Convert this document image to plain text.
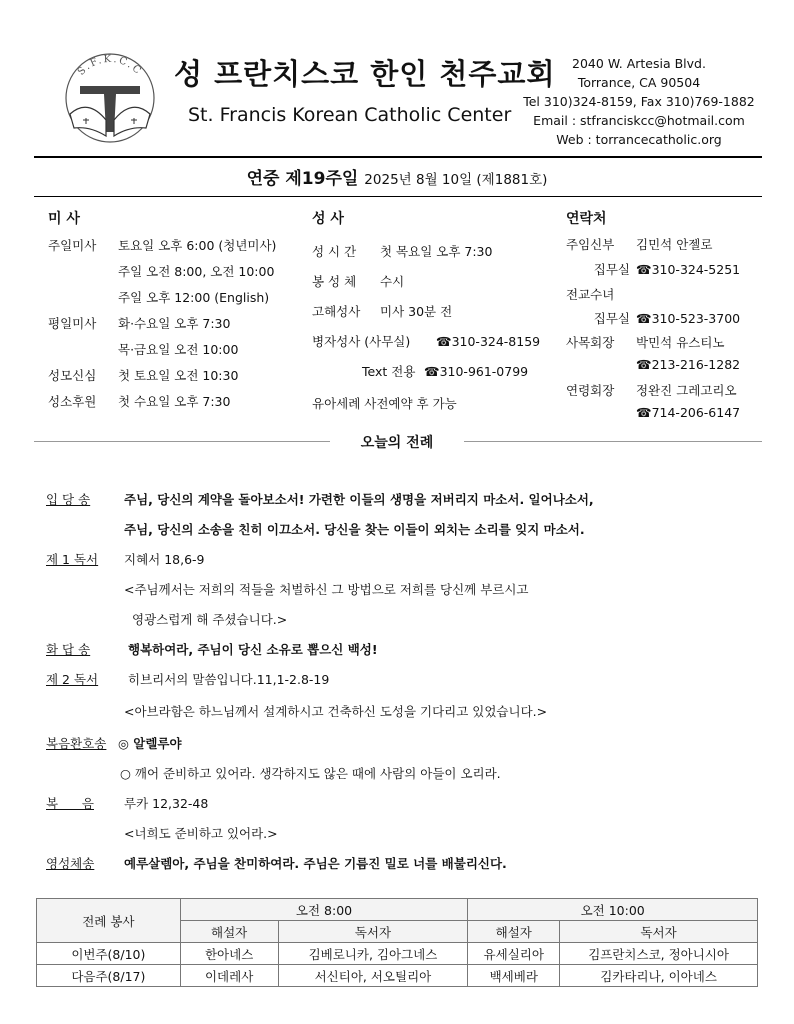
S.F.K.C.C 성 프란치스코 한인 천주교회
St. Francis Korean Catholic Center
2040 W. Artesia Blvd.
Torrance, CA 90504
Tel 310)324-8159, Fax 310)769-1882
Email : stfranciskcc@hotmail.com
Web : torrancecatholic.org
연중 제19주일 2025년 8월 10일 (제1881호)
미 사
주일미사 토요일 오후 6:00 (청년미사)
주일 오전 8:00, 오전 10:00
주일 오후 12:00 (English)
평일미사 화·수요일 오후 7:30
목·금요일 오전 10:00
성모신심 첫 토요일 오전 10:30
성소후원 첫 수요일 오후 7:30
성 사
성 시 간 첫 목요일 오후 7:30
봉 성 체 수시
고해성사 미사 30분 전
병자성사 (사무실) ☎310-324-8159
Text 전용 ☎310-961-0799
유아세례 사전예약 후 가능
연락처
주임신부 김민석 안젤로
집무실 ☎310-324-5251
전교수녀
집무실 ☎310-523-3700
사목회장 박민석 유스티노
☎213-216-1282
연령회장 정완진 그레고리오
☎714-206-6147
오늘의 전례
입 당 송	주님, 당신의 계약을 돌아보소서! 가련한 이들의 생명을 저버리지 마소서. 일어나소서,
주님, 당신의 소송을 친히 이끄소서. 당신을 찾는 이들이 외치는 소리를 잊지 마소서.
제 1 독서 지혜서 18,6-9
<주님께서는 저희의 적들을 처벌하신 그 방법으로 저희를 당신께 부르시고
영광스럽게 해 주셨습니다.>
화 답 송	행복하여라, 주님이 당신 소유로 뽑으신 백성!
제 2 독서 히브리서의 말씀입니다.11,1-2.8-19
<아브라함은 하느님께서 설계하시고 건축하신 도성을 기다리고 있었습니다.>
복음환호송 ◎ 알렐루야
○ 깨어 준비하고 있어라. 생각하지도 않은 때에 사람의 아들이 오리라.
복      음 루카 12,32-48
<너희도 준비하고 있어라.>
영성체송 예루살렘아, 주님을 찬미하여라. 주님은 기름진 밀로 너를 배불리신다.
전례 봉사	오전 8:00		오전 10:00	
	해설자	독서자	해설자	독서자
이번주(8/10)	한아네스	김베로니카, 김아그네스	유세실리아	김프란치스코, 정아니시아
다음주(8/17)	이데레사	서신티아, 서오틸리아	백세베라	김카타리나, 이아네스
